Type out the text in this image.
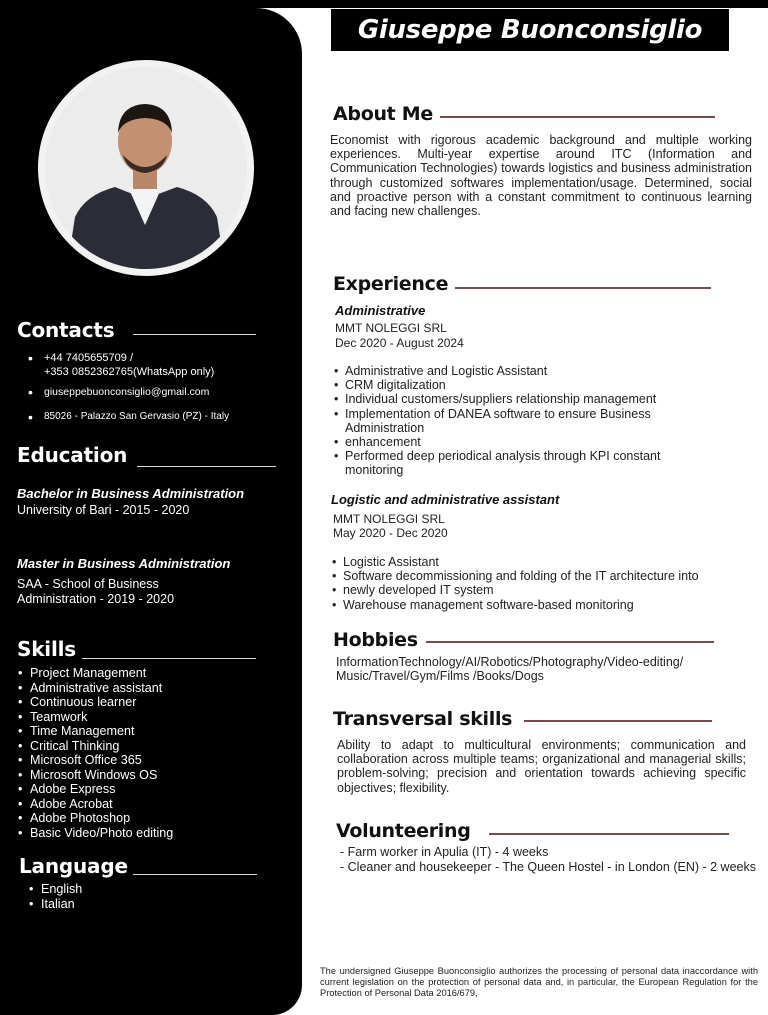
Contacts
• +44 7405655709 /
+353 0852362765(WhatsApp only)
• giuseppebuonconsiglio@gmail.com
• 85026 - Palazzo San Gervasio (PZ) - Italy
Education
Bachelor in Business Administration
University of Bari - 2015 - 2020
Master in Business Administration
SAA - School of Business
Administration - 2019 - 2020
Skills
• Project Management
• Administrative assistant
• Continuous learner
• Teamwork
• Time Management
• Critical Thinking
• Microsoft Office 365
• Microsoft Windows OS
• Adobe Express
• Adobe Acrobat
• Adobe Photoshop
• Basic Video/Photo editing
Language
• English
• Italian
Giuseppe Buonconsiglio
About Me
Economist with rigorous academic background and multiple working experiences. Multi-year expertise around ITC (Information and Communication Technologies) towards logistics and business administration through customized softwares implementation/usage. Determined, social and proactive person with a constant commitment to continuous learning and facing new challenges.
Experience
Administrative
MMT NOLEGGI SRL
Dec 2020 - August 2024
• Administrative and Logistic Assistant
• CRM digitalization
• Individual customers/suppliers relationship management
• Implementation of DANEA software to ensure Business Administration
• enhancement
• Performed deep periodical analysis through KPI constant monitoring
Logistic and administrative assistant
MMT NOLEGGI SRL
May 2020 - Dec 2020
• Logistic Assistant
• Software decommissioning and folding of the IT architecture into
• newly developed IT system
• Warehouse management software-based monitoring
Hobbies
InformationTechnology/AI/Robotics/Photography/Video-editing/ Music/Travel/Gym/Films /Books/Dogs
Transversal skills
Ability to adapt to multicultural environments; communication and collaboration across multiple teams; organizational and managerial skills; problem-solving; precision and orientation towards achieving specific objectives; flexibility.
Volunteering
- Farm worker in Apulia (IT) - 4 weeks
- Cleaner and housekeeper - The Queen Hostel - in London (EN) - 2 weeks
The undersigned Giuseppe Buonconsiglio authorizes the processing of personal data inaccordance with current legislation on the protection of personal data and, in particular, the European Regulation for the Protection of Personal Data 2016/679,
